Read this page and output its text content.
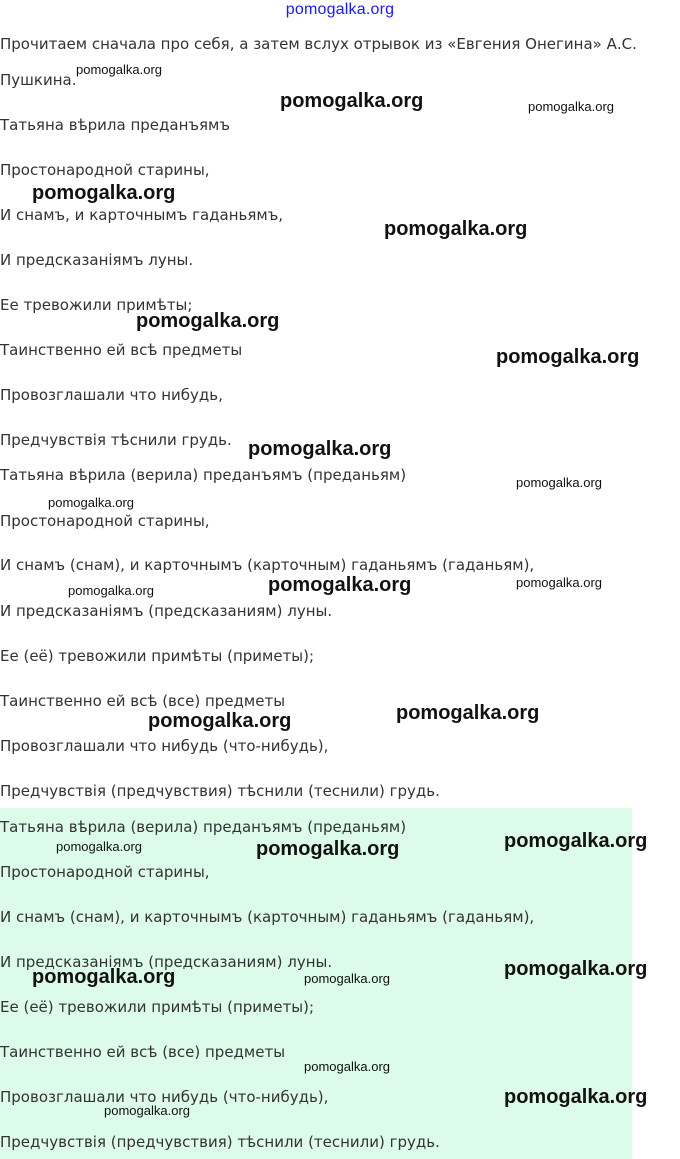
pomogalka.org
Прочитаем сначала про себя, а затем вслух отрывок из «Евгения Онегина» А.С.
Пушкина.
Татьяна вѣрила преданъямъ
Простонародной старины,
И снамъ, и карточнымъ гаданьямъ,
И предсказаніямъ луны.
Ее тревожили примѣты;
Таинственно ей всѣ предметы
Провозглашали что нибудь,
Предчувствія тѣснили грудь.
Татьяна вѣрила (верила) преданъямъ (преданьям)
Простонародной старины,
И снамъ (снам), и карточнымъ (карточным) гаданьямъ (гаданьям),
И предсказаніямъ (предсказаниям) луны.
Ее (её) тревожили примѣты (приметы);
Таинственно ей всѣ (все) предметы
Провозглашали что нибудь (что-нибудь),
Предчувствія (предчувствия) тѣснили (теснили) грудь.
Татьяна вѣрила (верила) преданъямъ (преданьям)
Простонародной старины,
И снамъ (снам), и карточнымъ (карточным) гаданьямъ (гаданьям),
И предсказаніямъ (предсказаниям) луны.
Ее (её) тревожили примѣты (приметы);
Таинственно ей всѣ (все) предметы
Провозглашали что нибудь (что-нибудь),
Предчувствія (предчувствия) тѣснили (теснили) грудь.
pomogalka.org
pomogalka.org	pomogalka.org
pomogalka.org
pomogalka.org
pomogalka.org
pomogalka.org
pomogalka.org
pomogalka.org
pomogalka.org
pomogalka.org	pomogalka.org
pomogalka.org
pomogalka.org
pomogalka.org
pomogalka.org
pomogalka.org	pomogalka.org
pomogalka.org
pomogalka.org	pomogalka.org
pomogalka.org
pomogalka.org
pomogalka.org
